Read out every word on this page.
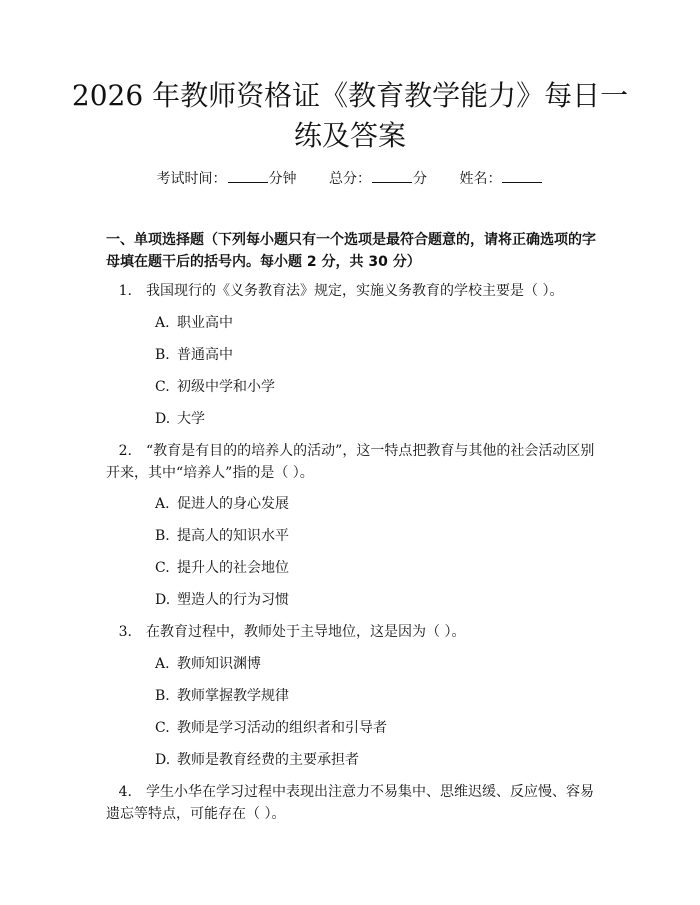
2026 年教师资格证《教育教学能力》每日一练及答案
考试时间：	分钟 总分：	分 姓名：
一、单项选择题（下列每小题只有一个选项是最符合题意的，请将正确选项的字母填在题干后的括号内。每小题 2 分，共 30 分）
1. 我国现行的《义务教育法》规定，实施义务教育的学校主要是（ ）。
A. 职业高中
B. 普通高中
C. 初级中学和小学
D. 大学
2. “教育是有目的的培养人的活动”，这一特点把教育与其他的社会活动区别开来，其中“培养人”指的是（ ）。
A. 促进人的身心发展
B. 提高人的知识水平
C. 提升人的社会地位
D. 塑造人的行为习惯
3. 在教育过程中，教师处于主导地位，这是因为（ ）。
A. 教师知识渊博
B. 教师掌握教学规律
C. 教师是学习活动的组织者和引导者
D. 教师是教育经费的主要承担者
4. 学生小华在学习过程中表现出注意力不易集中、思维迟缓、反应慢、容易遗忘等特点，可能存在（ ）。
